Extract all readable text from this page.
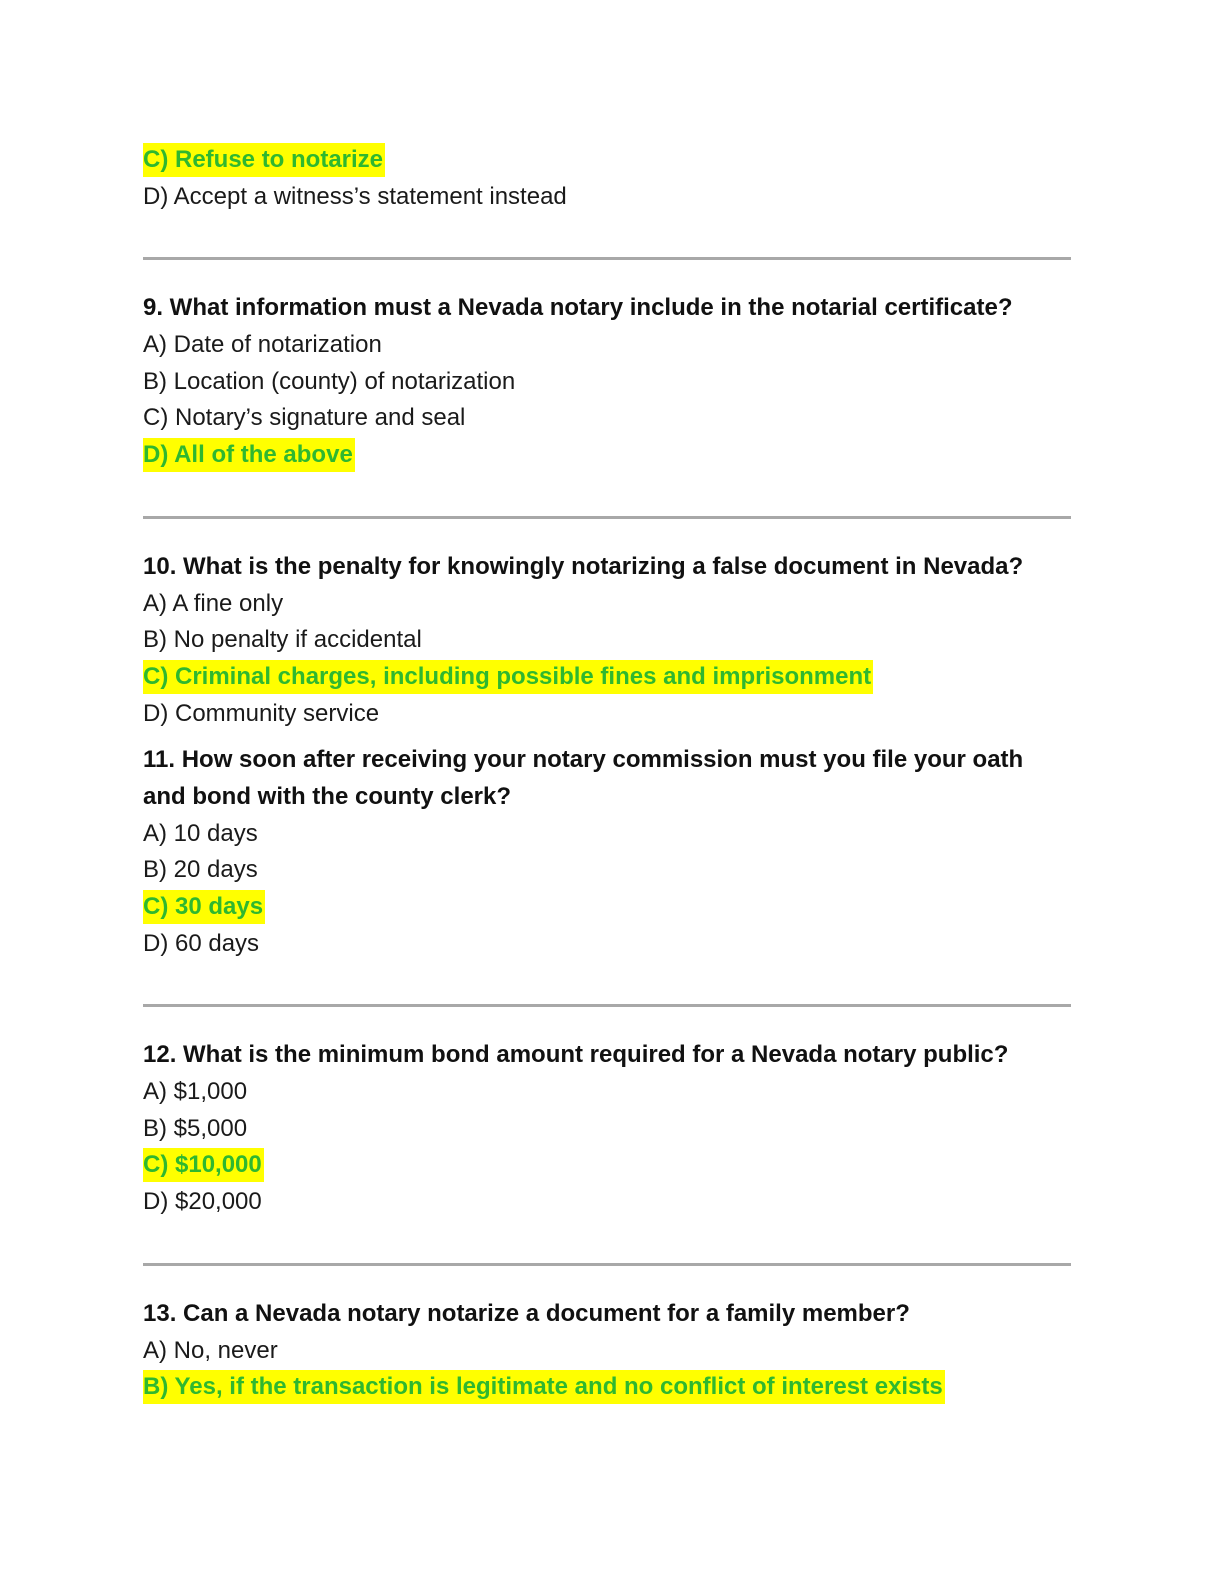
C) Refuse to notarize
D) Accept a witness’s statement instead
9. What information must a Nevada notary include in the notarial certificate?
A) Date of notarization
B) Location (county) of notarization
C) Notary’s signature and seal
D) All of the above
10. What is the penalty for knowingly notarizing a false document in Nevada?
A) A fine only
B) No penalty if accidental
C) Criminal charges, including possible fines and imprisonment
D) Community service
11. How soon after receiving your notary commission must you file your oath
and bond with the county clerk?
A) 10 days
B) 20 days
C) 30 days
D) 60 days
12. What is the minimum bond amount required for a Nevada notary public?
A) $1,000
B) $5,000
C) $10,000
D) $20,000
13. Can a Nevada notary notarize a document for a family member?
A) No, never
B) Yes, if the transaction is legitimate and no conflict of interest exists
